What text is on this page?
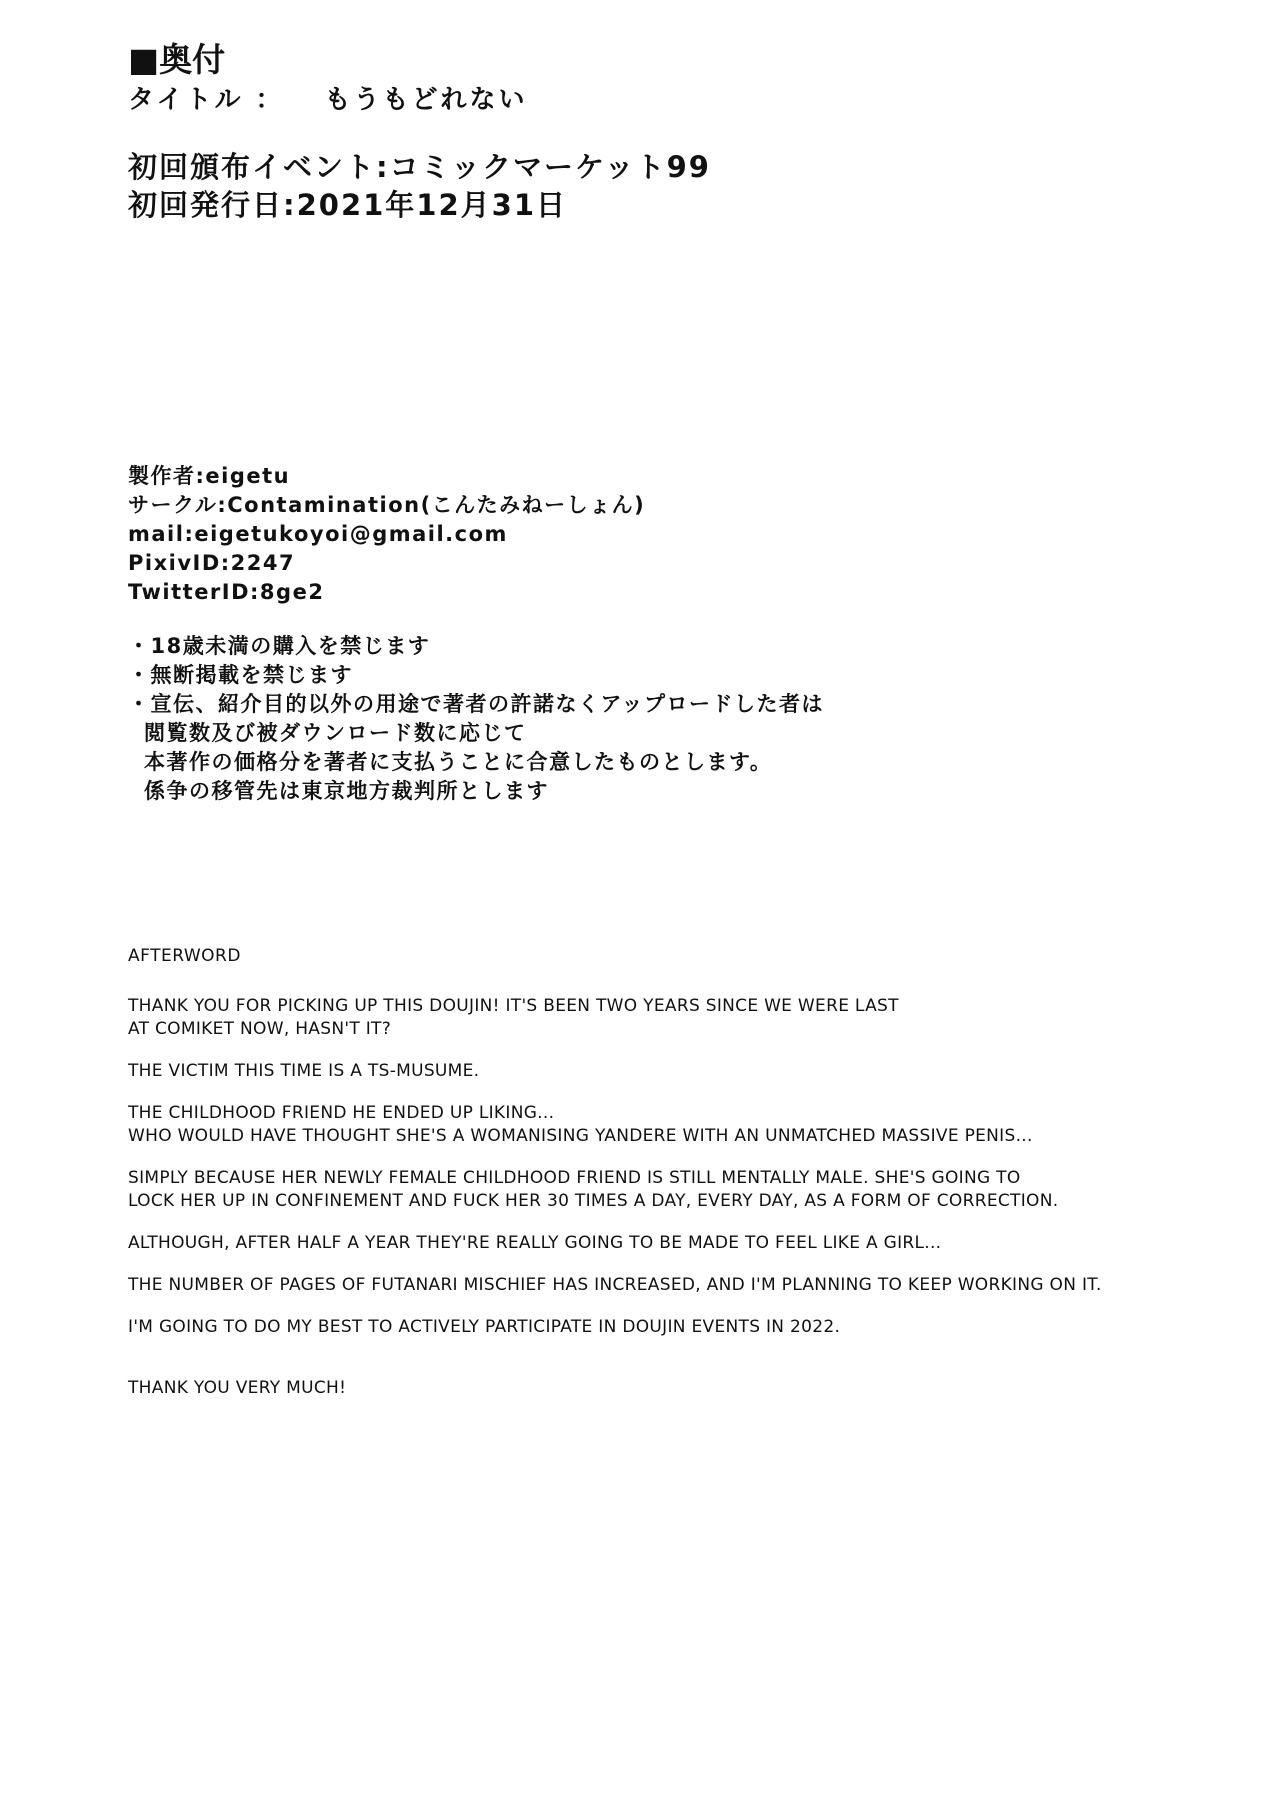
■奥付
タイトル ： もうもどれない
初回頒布イベント:コミックマーケット99
初回発行日:2021年12月31日
製作者:eigetu
サークル:Contamination(こんたみねーしょん)
mail:eigetukoyoi@gmail.com
PixivID:2247
TwitterID:8ge2
・18歳未満の購入を禁じます
・無断掲載を禁じます
・宣伝、紹介目的以外の用途で著者の許諾なくアップロードした者は
閲覧数及び被ダウンロード数に応じて
本著作の価格分を著者に支払うことに合意したものとします。
係争の移管先は東京地方裁判所とします
AFTERWORD
THANK YOU FOR PICKING UP THIS DOUJIN! IT'S BEEN TWO YEARS SINCE WE WERE LAST
AT COMIKET NOW, HASN'T IT?
THE VICTIM THIS TIME IS A TS-MUSUME.
THE CHILDHOOD FRIEND HE ENDED UP LIKING...
WHO WOULD HAVE THOUGHT SHE'S A WOMANISING YANDERE WITH AN UNMATCHED MASSIVE PENIS...
SIMPLY BECAUSE HER NEWLY FEMALE CHILDHOOD FRIEND IS STILL MENTALLY MALE. SHE'S GOING TO
LOCK HER UP IN CONFINEMENT AND FUCK HER 30 TIMES A DAY, EVERY DAY, AS A FORM OF CORRECTION.
ALTHOUGH, AFTER HALF A YEAR THEY'RE REALLY GOING TO BE MADE TO FEEL LIKE A GIRL...
THE NUMBER OF PAGES OF FUTANARI MISCHIEF HAS INCREASED, AND I'M PLANNING TO KEEP WORKING ON IT.
I'M GOING TO DO MY BEST TO ACTIVELY PARTICIPATE IN DOUJIN EVENTS IN 2022.
THANK YOU VERY MUCH!
